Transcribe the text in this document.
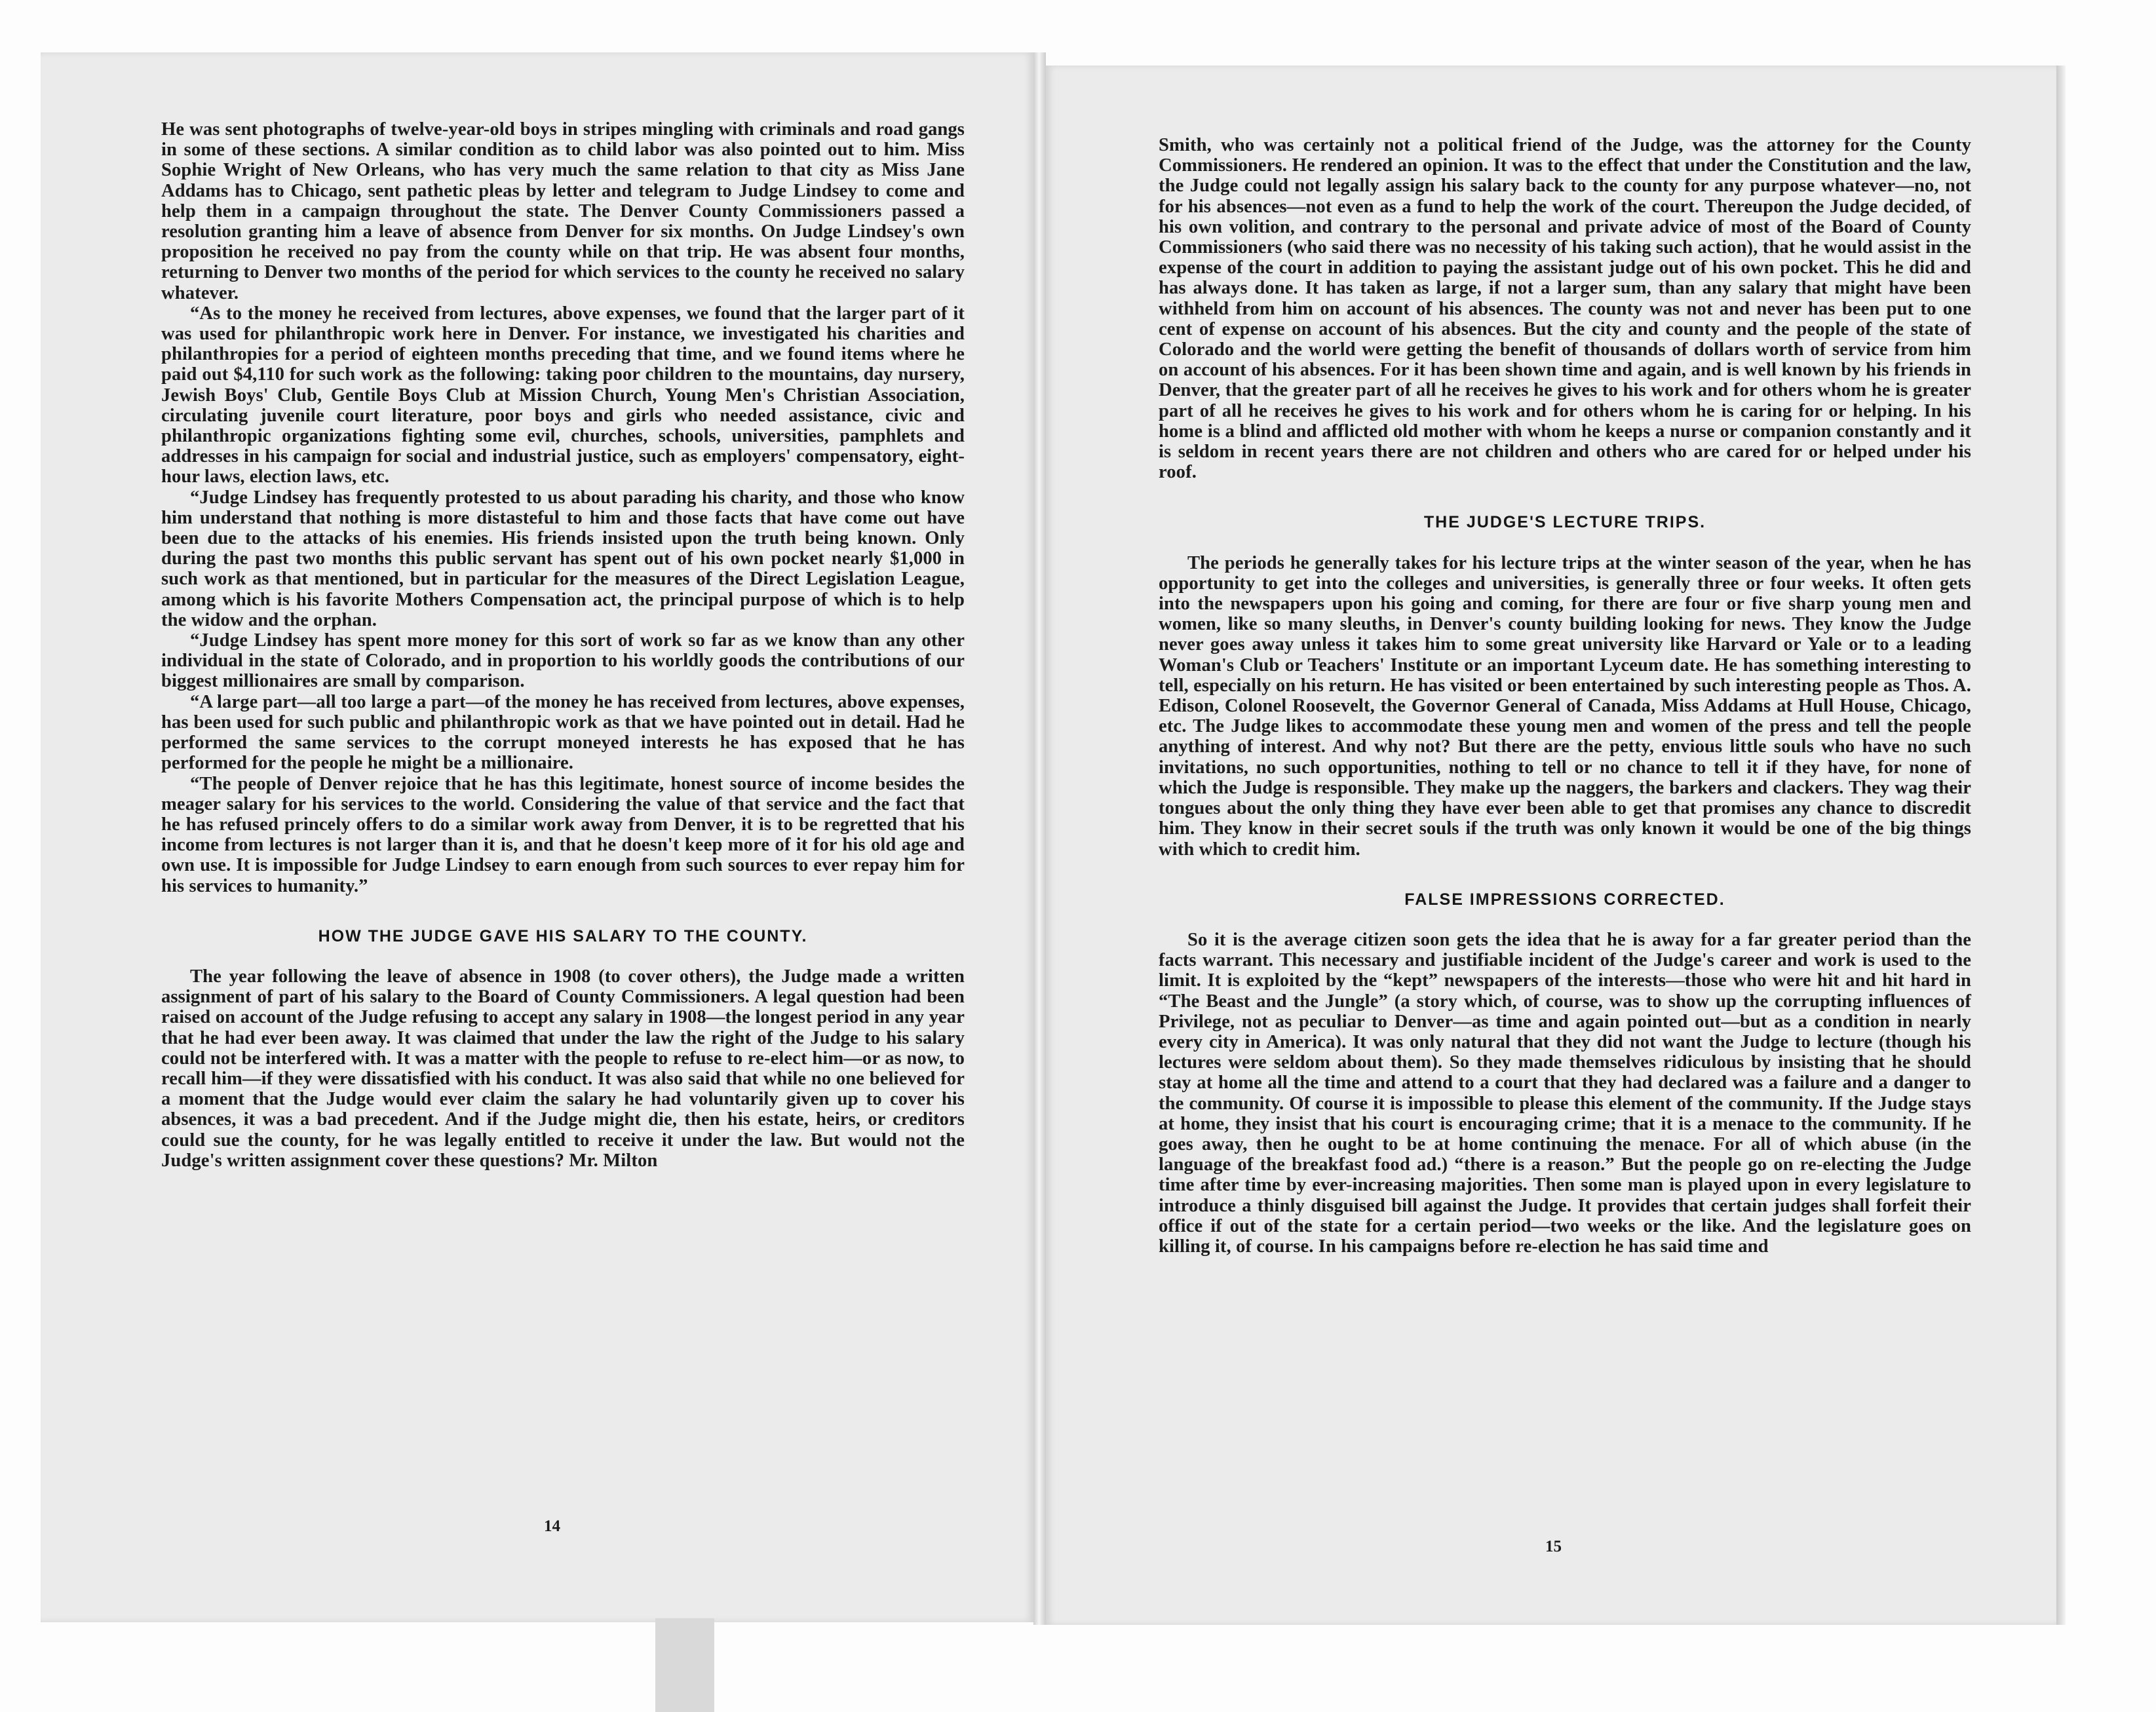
He was sent photographs of twelve-year-old boys in stripes mingling with criminals and road gangs in some of these sections. A similar condition as to child labor was also pointed out to him. Miss Sophie Wright of New Orleans, who has very much the same relation to that city as Miss Jane Addams has to Chicago, sent pathetic pleas by letter and telegram to Judge Lindsey to come and help them in a campaign throughout the state. The Denver County Commissioners passed a resolution granting him a leave of absence from Denver for six months. On Judge Lindsey's own proposition he received no pay from the county while on that trip. He was absent four months, returning to Denver two months of the period for which services to the county he received no salary whatever.

“As to the money he received from lectures, above expenses, we found that the larger part of it was used for philanthropic work here in Denver. For instance, we investigated his charities and philanthropies for a period of eighteen months preceding that time, and we found items where he paid out $4,110 for such work as the following: taking poor children to the mountains, day nursery, Jewish Boys' Club, Gentile Boys Club at Mission Church, Young Men's Christian Association, circulating juvenile court literature, poor boys and girls who needed assistance, civic and philanthropic organizations fighting some evil, churches, schools, universities, pamphlets and addresses in his campaign for social and industrial justice, such as employers' compensatory, eight-hour laws, election laws, etc.

“Judge Lindsey has frequently protested to us about parading his charity, and those who know him understand that nothing is more distasteful to him and those facts that have come out have been due to the attacks of his enemies. His friends insisted upon the truth being known. Only during the past two months this public servant has spent out of his own pocket nearly $1,000 in such work as that mentioned, but in particular for the measures of the Direct Legislation League, among which is his favorite Mothers Compensation act, the principal purpose of which is to help the widow and the orphan.

“Judge Lindsey has spent more money for this sort of work so far as we know than any other individual in the state of Colorado, and in proportion to his worldly goods the contributions of our biggest millionaires are small by comparison.

“A large part—all too large a part—of the money he has received from lectures, above expenses, has been used for such public and philanthropic work as that we have pointed out in detail. Had he performed the same services to the corrupt moneyed interests he has exposed that he has performed for the people he might be a millionaire.

“The people of Denver rejoice that he has this legitimate, honest source of income besides the meager salary for his services to the world. Considering the value of that service and the fact that he has refused princely offers to do a similar work away from Denver, it is to be regretted that his income from lectures is not larger than it is, and that he doesn't keep more of it for his old age and own use. It is impossible for Judge Lindsey to earn enough from such sources to ever repay him for his services to humanity.”

HOW THE JUDGE GAVE HIS SALARY TO THE COUNTY.

The year following the leave of absence in 1908 (to cover others), the Judge made a written assignment of part of his salary to the Board of County Commissioners. A legal question had been raised on account of the Judge refusing to accept any salary in 1908—the longest period in any year that he had ever been away. It was claimed that under the law the right of the Judge to his salary could not be interfered with. It was a matter with the people to refuse to re-elect him—or as now, to recall him—if they were dissatisfied with his conduct. It was also said that while no one believed for a moment that the Judge would ever claim the salary he had voluntarily given up to cover his absences, it was a bad precedent. And if the Judge might die, then his estate, heirs, or creditors could sue the county, for he was legally entitled to receive it under the law. But would not the Judge's written assignment cover these questions? Mr. Milton

14

Smith, who was certainly not a political friend of the Judge, was the attorney for the County Commissioners. He rendered an opinion. It was to the effect that under the Constitution and the law, the Judge could not legally assign his salary back to the county for any purpose whatever—no, not for his absences—not even as a fund to help the work of the court. Thereupon the Judge decided, of his own volition, and contrary to the personal and private advice of most of the Board of County Commissioners (who said there was no necessity of his taking such action), that he would assist in the expense of the court in addition to paying the assistant judge out of his own pocket. This he did and has always done. It has taken as large, if not a larger sum, than any salary that might have been withheld from him on account of his absences. The county was not and never has been put to one cent of expense on account of his absences. But the city and county and the people of the state of Colorado and the world were getting the benefit of thousands of dollars worth of service from him on account of his absences. For it has been shown time and again, and is well known by his friends in Denver, that the greater part of all he receives he gives to his work and for others whom he is greater part of all he receives he gives to his work and for others whom he is caring for or helping. In his home is a blind and afflicted old mother with whom he keeps a nurse or companion constantly and it is seldom in recent years there are not children and others who are cared for or helped under his roof.

THE JUDGE'S LECTURE TRIPS.

The periods he generally takes for his lecture trips at the winter season of the year, when he has opportunity to get into the colleges and universities, is generally three or four weeks. It often gets into the newspapers upon his going and coming, for there are four or five sharp young men and women, like so many sleuths, in Denver's county building looking for news. They know the Judge never goes away unless it takes him to some great university like Harvard or Yale or to a leading Woman's Club or Teachers' Institute or an important Lyceum date. He has something interesting to tell, especially on his return. He has visited or been entertained by such interesting people as Thos. A. Edison, Colonel Roosevelt, the Governor General of Canada, Miss Addams at Hull House, Chicago, etc. The Judge likes to accommodate these young men and women of the press and tell the people anything of interest. And why not? But there are the petty, envious little souls who have no such invitations, no such opportunities, nothing to tell or no chance to tell it if they have, for none of which the Judge is responsible. They make up the naggers, the barkers and clackers. They wag their tongues about the only thing they have ever been able to get that promises any chance to discredit him. They know in their secret souls if the truth was only known it would be one of the big things with which to credit him.

FALSE IMPRESSIONS CORRECTED.

So it is the average citizen soon gets the idea that he is away for a far greater period than the facts warrant. This necessary and justifiable incident of the Judge's career and work is used to the limit. It is exploited by the “kept” newspapers of the interests—those who were hit and hit hard in “The Beast and the Jungle” (a story which, of course, was to show up the corrupting influences of Privilege, not as peculiar to Denver—as time and again pointed out—but as a condition in nearly every city in America). It was only natural that they did not want the Judge to lecture (though his lectures were seldom about them). So they made themselves ridiculous by insisting that he should stay at home all the time and attend to a court that they had declared was a failure and a danger to the community. Of course it is impossible to please this element of the community. If the Judge stays at home, they insist that his court is encouraging crime; that it is a menace to the community. If he goes away, then he ought to be at home continuing the menace. For all of which abuse (in the language of the breakfast food ad.) “there is a reason.” But the people go on re-electing the Judge time after time by ever-increasing majorities. Then some man is played upon in every legislature to introduce a thinly disguised bill against the Judge. It provides that certain judges shall forfeit their office if out of the state for a certain period—two weeks or the like. And the legislature goes on killing it, of course. In his campaigns before re-election he has said time and

15
